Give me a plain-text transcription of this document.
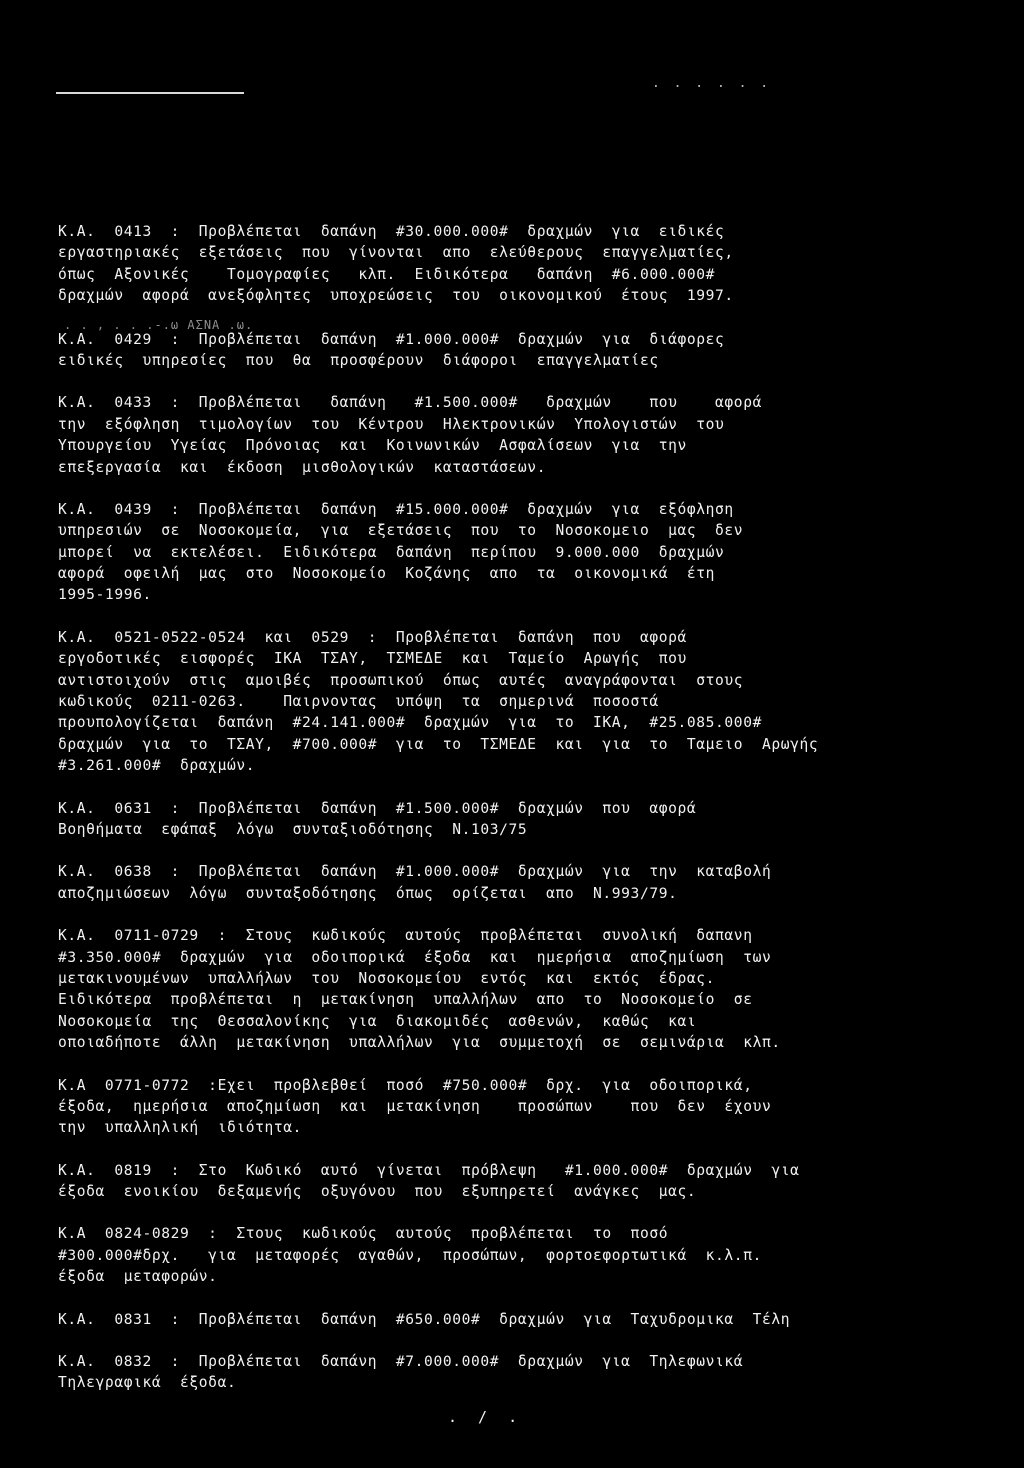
. . . . . .
. . , . . .-.ω ΑΣΝΑ .ω.
Κ.Α.  0413  :  Προβλέπεται  δαπάνη  #30.000.000#  δραχμών  για  ειδικές
εργαστηριακές  εξετάσεις  που  γίνονται  απο  ελεύθερους  επαγγελματίες,
όπως  Αξονικές    Τομογραφίες   κλπ.  Ειδικότερα   δαπάνη  #6.000.000#
δραχμών  αφορά  ανεξόφλητες  υποχρεώσεις  του  οικονομικού  έτους  1997.
Κ.Α.  0429  :  Προβλέπεται  δαπάνη  #1.000.000#  δραχμών  για  διάφορες
ειδικές  υπηρεσίες  που  θα  προσφέρουν  διάφοροι  επαγγελματίες
Κ.Α.  0433  :  Προβλέπεται   δαπάνη   #1.500.000#   δραχμών    που    αφορά
την  εξόφληση  τιμολογίων  του  Κέντρου  Ηλεκτρονικών  Υπολογιστών  του
Υπουργείου  Υγείας  Πρόνοιας  και  Κοινωνικών  Ασφαλίσεων  για  την
επεξεργασία  και  έκδοση  μισθολογικών  καταστάσεων.
Κ.Α.  0439  :  Προβλέπεται  δαπάνη  #15.000.000#  δραχμών  για  εξόφληση
υπηρεσιών  σε  Νοσοκομεία,  για  εξετάσεις  που  το  Νοσοκομειο  μας  δεν
μπορεί  να  εκτελέσει.  Ειδικότερα  δαπάνη  περίπου  9.000.000  δραχμών
αφορά  οφειλή  μας  στο  Νοσοκομείο  Κοζάνης  απο  τα  οικονομικά  έτη
1995-1996.
Κ.Α.  0521-0522-0524  και  0529  :  Προβλέπεται  δαπάνη  που  αφορά
εργοδοτικές  εισφορές  ΙΚΑ  ΤΣΑΥ,  ΤΣΜΕΔΕ  και  Ταμείο  Αρωγής  που
αντιστοιχούν  στις  αμοιβές  προσωπικού  όπως  αυτές  αναγράφονται  στους
κωδικούς  0211-0263.    Παιρνοντας  υπόψη  τα  σημερινά  ποσοστά
προυπολογίζεται  δαπάνη  #24.141.000#  δραχμών  για  το  ΙΚΑ,  #25.085.000#
δραχμών  για  το  ΤΣΑΥ,  #700.000#  για  το  ΤΣΜΕΔΕ  και  για  το  Ταμειο  Αρωγής
#3.261.000#  δραχμών.
Κ.Α.  0631  :  Προβλέπεται  δαπάνη  #1.500.000#  δραχμών  που  αφορά
Βοηθήματα  εφάπαξ  λόγω  συνταξιοδότησης  Ν.103/75
Κ.Α.  0638  :  Προβλέπεται  δαπάνη  #1.000.000#  δραχμών  για  την  καταβολή
αποζημιώσεων  λόγω  συνταξοδότησης  όπως  ορίζεται  απο  Ν.993/79.
Κ.Α.  0711-0729  :  Στους  κωδικούς  αυτούς  προβλέπεται  συνολική  δαπανη
#3.350.000#  δραχμών  για  οδοιπορικά  έξοδα  και  ημερήσια  αποζημίωση  των
μετακινουμένων  υπαλλήλων  του  Νοσοκομείου  εντός  και  εκτός  έδρας.
Ειδικότερα  προβλέπεται  η  μετακίνηση  υπαλλήλων  απο  το  Νοσοκομείο  σε
Νοσοκομεία  της  Θεσσαλονίκης  για  διακομιδές  ασθενών,  καθώς  και
οποιαδήποτε  άλλη  μετακίνηση  υπαλλήλων  για  συμμετοχή  σε  σεμινάρια  κλπ.
Κ.Α  0771-0772  :Εχει  προβλεβθεί  ποσό  #750.000#  δρχ.  για  οδοιπορικά,
έξοδα,  ημερήσια  αποζημίωση  και  μετακίνηση    προσώπων    που  δεν  έχουν
την  υπαλληλική  ιδιότητα.
Κ.Α.  0819  :  Στο  Κωδικό  αυτό  γίνεται  πρόβλεψη   #1.000.000#  δραχμών  για
έξοδα  ενοικίου  δεξαμενής  οξυγόνου  που  εξυπηρετεί  ανάγκες  μας.
Κ.Α  0824-0829  :  Στους  κωδικούς  αυτούς  προβλέπεται  το  ποσό
#300.000#δρχ.   για  μεταφορές  αγαθών,  προσώπων,  φορτοεφορτωτικά  κ.λ.π.
έξοδα  μεταφορών.
Κ.Α.  0831  :  Προβλέπεται  δαπάνη  #650.000#  δραχμών  για  Ταχυδρομικα  Τέλη
Κ.Α.  0832  :  Προβλέπεται  δαπάνη  #7.000.000#  δραχμών  για  Τηλεφωνικά
Τηλεγραφικά  έξοδα.
. / .
